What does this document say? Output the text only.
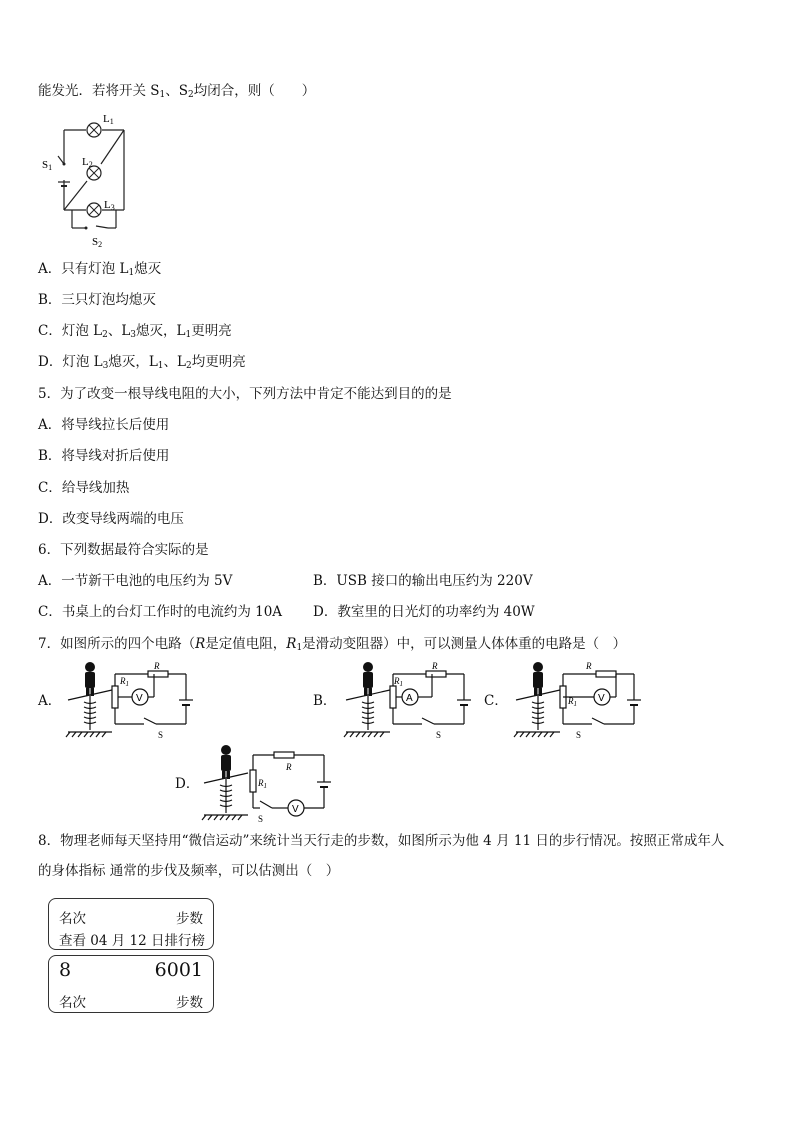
能发光．若将开关 $S_1$、$S_2$均闭合，则（　　）
L1
L2
L3
S1
S2
A．只有灯泡 $L_1$熄灭
B．三只灯泡均熄灭
C．灯泡 $L_2$、$L_3$熄灭，$L_1$更明亮
D．灯泡 $L_3$熄灭，$L_1$、$L_2$均更明亮
5．为了改变一根导线电阻的大小，下列方法中肯定不能达到目的的是
A．将导线拉长后使用
B．将导线对折后使用
C．给导线加热
D．改变导线两端的电压
6．下列数据最符合实际的是
A．一节新干电池的电压约为 5V	B．USB 接口的输出电压约为 220V
C．书桌上的台灯工作时的电流约为 10A D．教室里的日光灯的功率约为 40W
7．如图所示的四个电路（R是定值电阻，$R_1$是滑动变阻器）中，可以测量人体体重的电路是（　）
A．	B．	C．
D．
V
R
$R_1$
S
A
R
$R_1$
S
V
R
$R_1$
S
V
R
$R_1$
S
8．物理老师每天坚持用“微信运动”来统计当天行走的步数，如图所示为他 4 月 11 日的步行情况。按照正常成年人
的身体指标 通常的步伐及频率，可以估测出（　）
名次	步数
查看 04 月 12 日排行榜
8	6001
名次	步数
